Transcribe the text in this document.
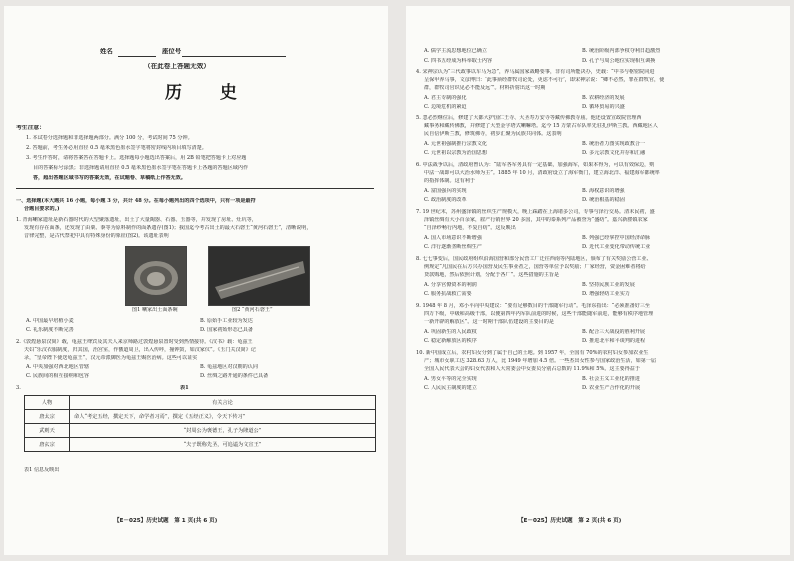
姓名	座位号
（在此卷上答题无效）
历 史
考生注意：
1. 本试卷分选择题和非选择题两部分。满分 100 分，考试时间 75 分钟。
2. 答题前，考生务必用直径 0.5 毫米黑色墨水签字笔将密封线内项目填写清楚。
3. 考生作答时，请将答案答在答题卡上。选择题每小题选出答案后，用 2B 铅笔把答题卡上对应题
目的答案标号涂黑；非选择题请用直径 0.5 毫米黑色墨水签字笔在答题卡上各题的答题区域内作
答，超出答题区域书写的答案无效，在试题卷、草稿纸上作答无效。
一、选择题(本大题共 16 小题，每小题 3 分，共计 48 分。在每小题列出的四个选项中，只有一项是最符
合题目要求的。)
1. 青海喇家遗址是新石器时代的大型聚落遗址，出土了大量陶器、石器、玉器等，并发现了房址、灶坑等，
发现有存在面条，还发现了由粟、黍等为原料制作的面条遗存(图1)；我国迄今考古出土的最大石磬王“黄河石磬王”，清晰说明，
音律完整，是古代祭祀中具有特殊身份的象征(图2)。该遗址表明
图1 喇家出土面条碗	图2 “黄河石磬王”
A. 中国最早培植小麦	B. 原始手工业较为发达
C. 礼乐制度不断完善	D. 国家初始形态已具备
2.《敦煌悬泉汉简》载，龟兹王绛宾及其夫人来京师路过敦煌悬泉置时受到热情接待。《汉书》载：龟兹王
夫妇“乐汉衣服制度，归其国，治宫室，作徼道周卫，出入传呼，撞钟鼓，如汉家仪”。《玉门关汉简》记
录，“皇帝陛下使送龟兹王”，汉元帝派御医为龟兹王赐医治病。这些可以证实
A. 中央加强对西北地区管辖	B. 龟兹地区对汉朝的认同
C. 民族间的相互接纳和包容	D. 丝绸之路开通的条件已具备
3.	表1
人物	有关言论
唐太宗	命人“考定五经，撰定天下，命学者习焉”，撰定《五经正义》，令天下传习”
武则天	“封周公为褒德王，孔子为隆道公”
唐玄宗	“夫子既称先圣，可追谥为文宣王”
表1 信息反映出
【E－025】历史试题　第 1 页(共 6 页)
A. 儒学主流思想地位已确立	B. 统治阶级内部争权夺利日趋激烈
C. 四书五经成为科举取士内容	D. 孔子与周公地位实现相互调换
4. 宋神宗认为“三代政事以车马为急”，养马属国家战略要事，非有司所能决办，史载：“中书与枢密院同进
呈保甲养马事，文彦博曰：‘此事须经群牧司论处，更虑不可行’，即宋神宗说：“卿不必然，罪在群牧官，使
群，群牧司官识见必不能及远’”。材料折射出这一时期
A. 君主专制的强化	B. 农耕经济的发展
C. 边境危机的紧迫	D. 循环贸易的兴盛
5. 忽必烈继位后，修建了大都大护国仁王寺、大圣寿万安寺等藏传佛教寺庙。他还设置宣政院管理西
藏事务和藏传佛教，并修建了大型金字塔式喇嘛塔。迄今 15 万蒙古军队率先驻扎伊斯兰教。西藏地区人
民自信伊斯兰教，修筑佛寺，初步汇聚为民族共同体。这表明
A. 元世祖强制推行宗教文化	B. 统治者力图实现政教合一
C. 元世祖以宗教为治国思想	D. 多元宗教文化并存和汇融
6. 中法战争以后，清政府曾认为：“陆军各军务具有一定基础，加强海军，如果本得为，可以有效保边，则
中法一战即可以大治水师为主”。1885 年 10 月，清政府设立了海军衙门，建立海北洋、福建海军都统率
的指挥体制。这有利于
A. 富国强兵的实现	B. 海权意识的增强
C. 政治制度的改革	D. 统治根基的稳固
7. 19 世纪末，苏州盛泽镇的丝织生产规模大，晚上踩踏在上海诸多公司，专事与泽行交易。清末民初，盛
泽镇丝绸有大小百余家，雇产行销世界 20 多国，其中的泰系列产品被誉为“盛纺”。嘉兴新塍镇农家
“自泽纱畅行内地，不复自纺”。这反映出
A. 国人市场意识不断增强	B. 列强已经掌控中国经济命脉
C. 洋行逐渐垄断丝绸生产	D. 近代工业变化带动传统工业
8. 七七事变后，国民政府组织沿海国营和部分民营工厂迁往西南等内陆地区，颁布了有关奖励公营工业、
例规定“凡国民在后方兴办国营及民生事业者之，国营等单位予以奖励；厂家经营，资金困难者将给
贷款购地，然后依照计划，分配于各厂”。这些措施的主旨是
A. 分享官僚资本的利润	B. 坚持民族工业的发展
C. 服务抗战救亡需要	D. 增强轻纺工业实力
9. 1948 年 8 月，邓小平向中央建议：“要有足够数目的干部随军行动”。毛泽东指出：“必须准备好三至
四万下级，中级和高级干部，以便第四年内军队前进的时候，这些干部能随军前进，能够有秩序地管理
一新开辟的解放区”。这一时期干部队伍建设的主要目的是
A. 巩固新生的人民政权	B. 配合三大战役的胜利开展
C. 稳定新解放区的秩序	D. 推进北平和平谈判的进程
10. 新中国成立后，农村妇女分到了属于自己的土地。到 1957 年，全国有 70%的农村妇女参加农业生
产；城市女职工达 328.63 万人，比 1949 年增加 4.5 倍。一些杰出女性参与国家政治生活，如第一届
全国人民代表大会的妇女代表和人大常委会中女委员分别占总数的 11.9%和 5%。这主要得益于
A. 男女平等的完全实现	B. 社会主义工业化的推进
C. 人民民主制度的建立	D. 农业生产合作化的开展
【E－025】历史试题　第 2 页(共 6 页)
